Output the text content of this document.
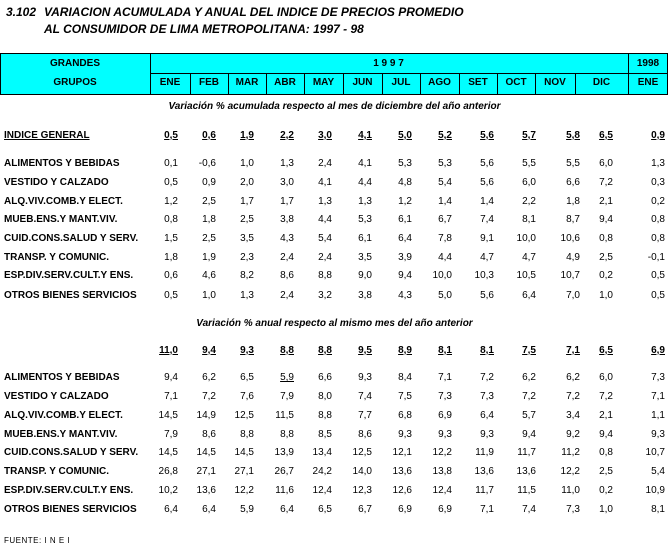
3.102 VARIACION ACUMULADA Y ANUAL DEL INDICE DE PRECIOS PROMEDIO
AL CONSUMIDOR DE LIMA METROPOLITANA: 1997 - 98
GRANDES
GRUPOS
1 9 9 7	1998
ENE	FEB	MAR	ABR	MAY	JUN	JUL	AGO	SET	OCT	NOV	DIC	ENE
Variación % acumulada respecto al mes de diciembre del año anterior
INDICE GENERAL	0,5	0,6	1,9	2,2	3,0	4,1	5,0	5,2	5,6	5,7	5,8	6,5	0,9
ALIMENTOS Y BEBIDAS	0,1	-0,6	1,0	1,3	2,4	4,1	5,3	5,3	5,6	5,5	5,5	6,0	1,3
VESTIDO Y CALZADO	0,5	0,9	2,0	3,0	4,1	4,4	4,8	5,4	5,6	6,0	6,6	7,2	0,3
ALQ.VIV.COMB.Y ELECT.	1,2	2,5	1,7	1,7	1,3	1,3	1,2	1,4	1,4	2,2	1,8	2,1	0,2
MUEB.ENS.Y MANT.VIV.	0,8	1,8	2,5	3,8	4,4	5,3	6,1	6,7	7,4	8,1	8,7	9,4	0,8
CUID.CONS.SALUD Y SERV.	1,5	2,5	3,5	4,3	5,4	6,1	6,4	7,8	9,1	10,0	10,6	0,8	0,8
TRANSP. Y COMUNIC.	1,8	1,9	2,3	2,4	2,4	3,5	3,9	4,4	4,7	4,7	4,9	2,5	-0,1
ESP.DIV.SERV.CULT.Y ENS.	0,6	4,6	8,2	8,6	8,8	9,0	9,4	10,0	10,3	10,5	10,7	0,2	0,5
OTROS BIENES SERVICIOS	0,5	1,0	1,3	2,4	3,2	3,8	4,3	5,0	5,6	6,4	7,0	1,0	0,5
Variación % anual respecto al mismo mes del año anterior
11,0	9,4	9,3	8,8	8,8	9,5	8,9	8,1	8,1	7,5	7,1	6,5	6,9
ALIMENTOS Y BEBIDAS	9,4	6,2	6,5	5,9	6,6	9,3	8,4	7,1	7,2	6,2	6,2	6,0	7,3
VESTIDO Y CALZADO	7,1	7,2	7,6	7,9	8,0	7,4	7,5	7,3	7,3	7,2	7,2	7,2	7,1
ALQ.VIV.COMB.Y ELECT.	14,5	14,9	12,5	11,5	8,8	7,7	6,8	6,9	6,4	5,7	3,4	2,1	1,1
MUEB.ENS.Y MANT.VIV.	7,9	8,6	8,8	8,8	8,5	8,6	9,3	9,3	9,3	9,4	9,2	9,4	9,3
CUID.CONS.SALUD Y SERV.	14,5	14,5	14,5	13,9	13,4	12,5	12,1	12,2	11,9	11,7	11,2	0,8	10,7
TRANSP. Y COMUNIC.	26,8	27,1	27,1	26,7	24,2	14,0	13,6	13,8	13,6	13,6	12,2	2,5	5,4
ESP.DIV.SERV.CULT.Y ENS.	10,2	13,6	12,2	11,6	12,4	12,3	12,6	12,4	11,7	11,5	11,0	0,2	10,9
OTROS BIENES SERVICIOS	6,4	6,4	5,9	6,4	6,5	6,7	6,9	6,9	7,1	7,4	7,3	1,0	8,1
FUENTE: I N E I
